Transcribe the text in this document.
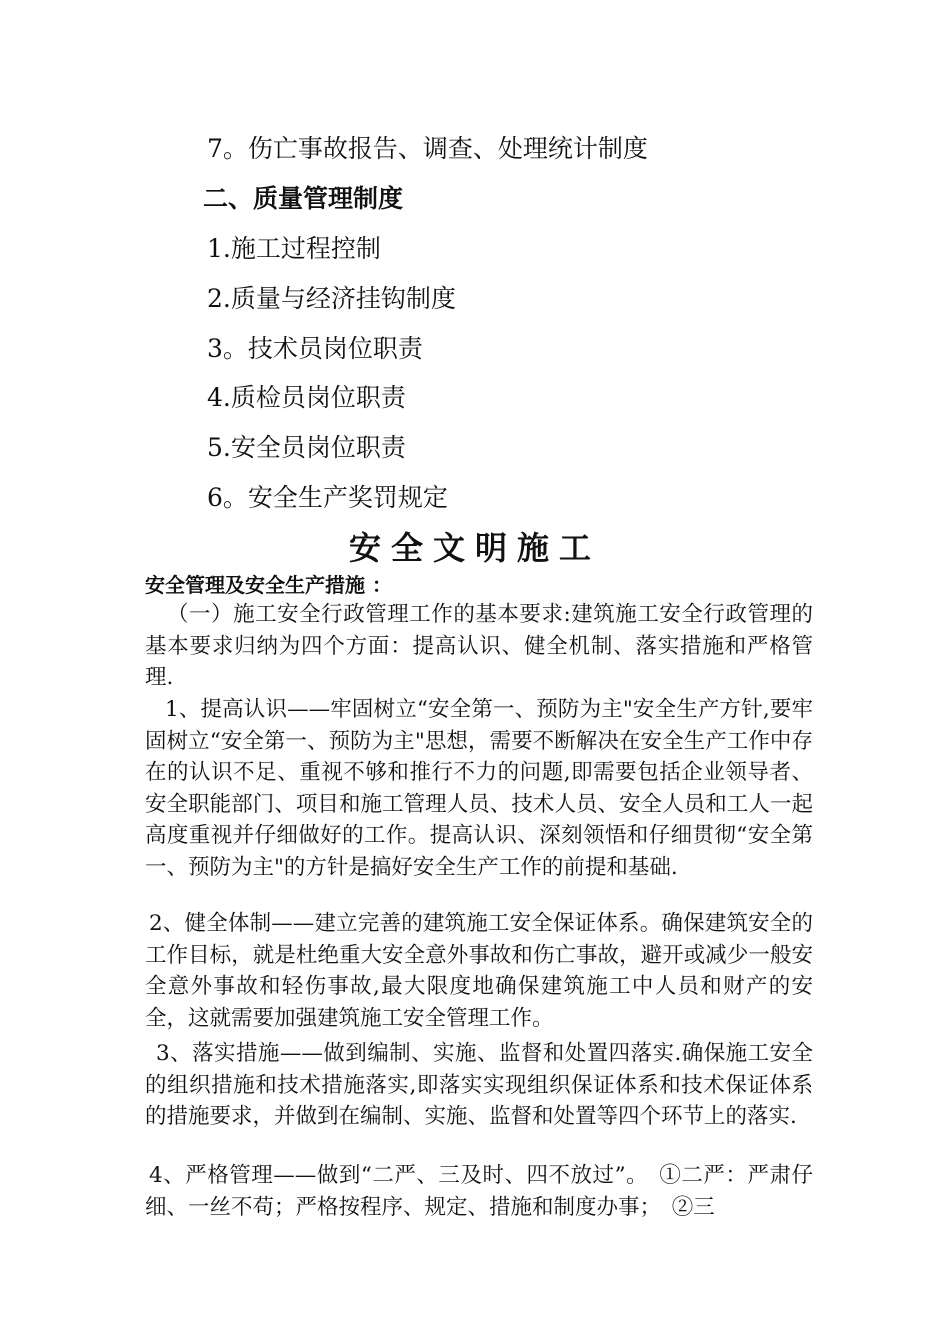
7。伤亡事故报告、调查、处理统计制度
二、质量管理制度
1.施工过程控制
2.质量与经济挂钩制度
3。技术员岗位职责
4.质检员岗位职责
5.安全员岗位职责
6。安全生产奖罚规定
安全文明施工
安全管理及安全生产措施 ：
（一）施工安全行政管理工作的基本要求:建筑施工安全行政管理的基本要求归纳为四个方面：提高认识、健全机制、落实措施和严格管理.
1、提高认识——牢固树立“安全第一、预防为主"安全生产方针,要牢固树立“安全第一、预防为主"思想，需要不断解决在安全生产工作中存在的认识不足、重视不够和推行不力的问题,即需要包括企业领导者、安全职能部门、项目和施工管理人员、技术人员、安全人员和工人一起高度重视并仔细做好的工作。提高认识、深刻领悟和仔细贯彻“安全第一、预防为主"的方针是搞好安全生产工作的前提和基础.
2、健全体制——建立完善的建筑施工安全保证体系。确保建筑安全的工作目标，就是杜绝重大安全意外事故和伤亡事故，避开或减少一般安全意外事故和轻伤事故,最大限度地确保建筑施工中人员和财产的安全，这就需要加强建筑施工安全管理工作。
3、落实措施——做到编制、实施、监督和处置四落实.确保施工安全的组织措施和技术措施落实,即落实实现组织保证体系和技术保证体系的措施要求，并做到在编制、实施、监督和处置等四个环节上的落实.
4、严格管理——做到“二严、三及时、四不放过”。　①二严：严肃仔细、一丝不苟；严格按程序、规定、措施和制度办事；　②三
